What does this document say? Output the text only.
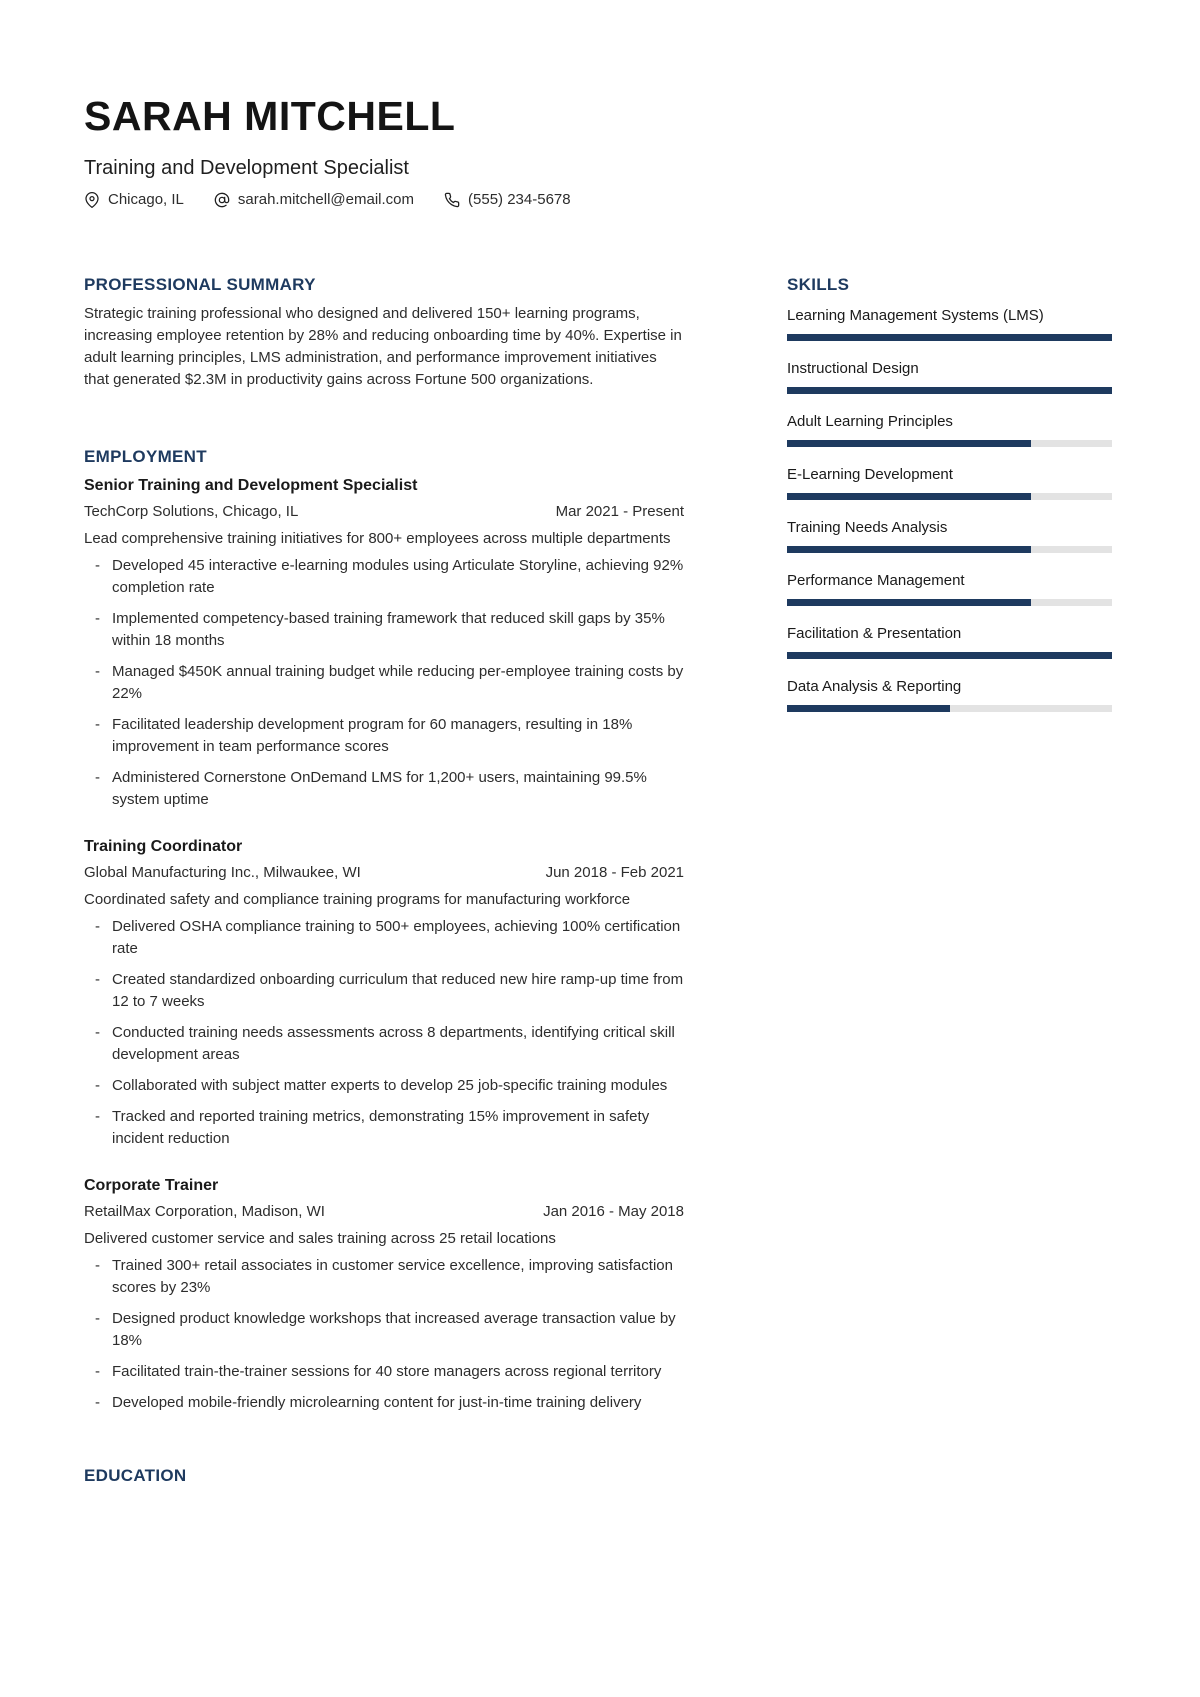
SARAH MITCHELL
Training and Development Specialist
Chicago, IL	sarah.mitchell@email.com	(555) 234-5678
PROFESSIONAL SUMMARY

Strategic training professional who designed and delivered 150+ learning programs, increasing employee retention by 28% and reducing onboarding time by 40%. Expertise in adult learning principles, LMS administration, and performance improvement initiatives that generated $2.3M in productivity gains across Fortune 500 organizations.

EMPLOYMENT
Senior Training and Development Specialist
TechCorp Solutions, Chicago, IL	Mar 2021 - Present
Lead comprehensive training initiatives for 800+ employees across multiple departments
- Developed 45 interactive e-learning modules using Articulate Storyline, achieving 92% completion rate
- Implemented competency-based training framework that reduced skill gaps by 35% within 18 months
- Managed $450K annual training budget while reducing per-employee training costs by 22%
- Facilitated leadership development program for 60 managers, resulting in 18% improvement in team performance scores
- Administered Cornerstone OnDemand LMS for 1,200+ users, maintaining 99.5% system uptime
Training Coordinator
Global Manufacturing Inc., Milwaukee, WI	Jun 2018 - Feb 2021
Coordinated safety and compliance training programs for manufacturing workforce
- Delivered OSHA compliance training to 500+ employees, achieving 100% certification rate
- Created standardized onboarding curriculum that reduced new hire ramp-up time from 12 to 7 weeks
- Conducted training needs assessments across 8 departments, identifying critical skill development areas
- Collaborated with subject matter experts to develop 25 job-specific training modules
- Tracked and reported training metrics, demonstrating 15% improvement in safety incident reduction
Corporate Trainer
RetailMax Corporation, Madison, WI	Jan 2016 - May 2018
Delivered customer service and sales training across 25 retail locations
- Trained 300+ retail associates in customer service excellence, improving satisfaction scores by 23%
- Designed product knowledge workshops that increased average transaction value by 18%
- Facilitated train-the-trainer sessions for 40 store managers across regional territory
- Developed mobile-friendly microlearning content for just-in-time training delivery
EDUCATION
SKILLS
Learning Management Systems (LMS)
Instructional Design
Adult Learning Principles
E-Learning Development
Training Needs Analysis
Performance Management
Facilitation & Presentation
Data Analysis & Reporting
